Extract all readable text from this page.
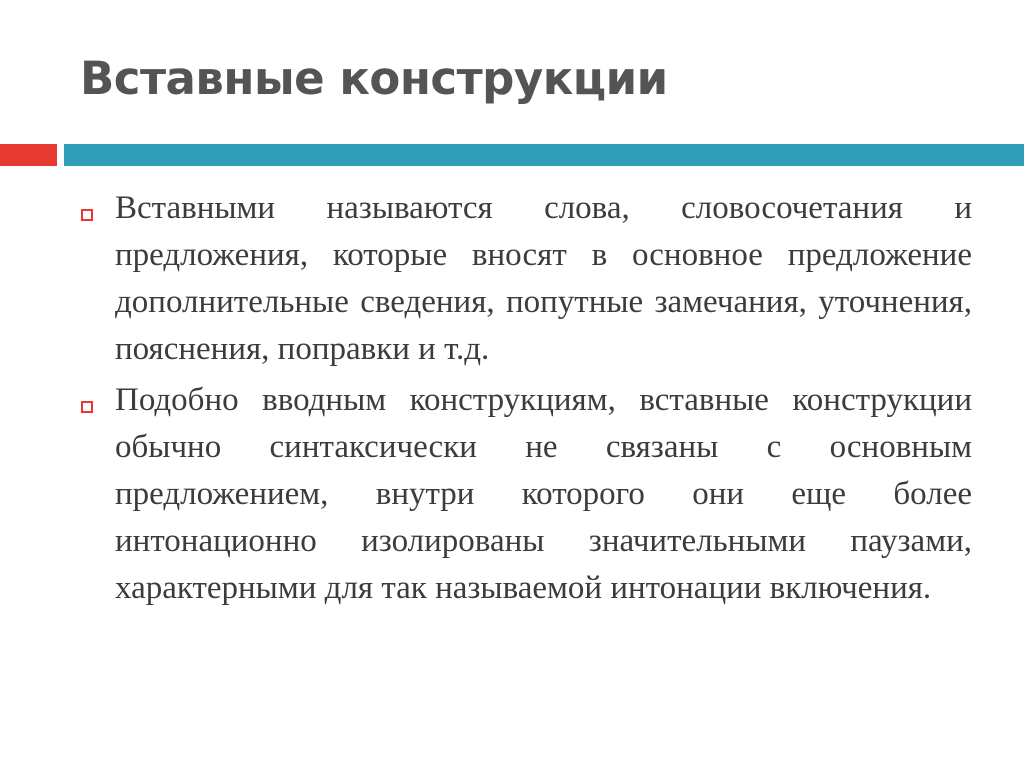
Вставные конструкции

Вставными называются слова, словосочетания и предложения, которые вносят в основное предложение дополнительные сведения, попутные замечания, уточнения, пояснения, поправки и т.д.

Подобно вводным конструкциям, вставные конструкции обычно синтаксически не связаны с основным предложением, внутри которого они еще более интонационно изолированы значительными паузами, характерными для так называемой интонации включения.
